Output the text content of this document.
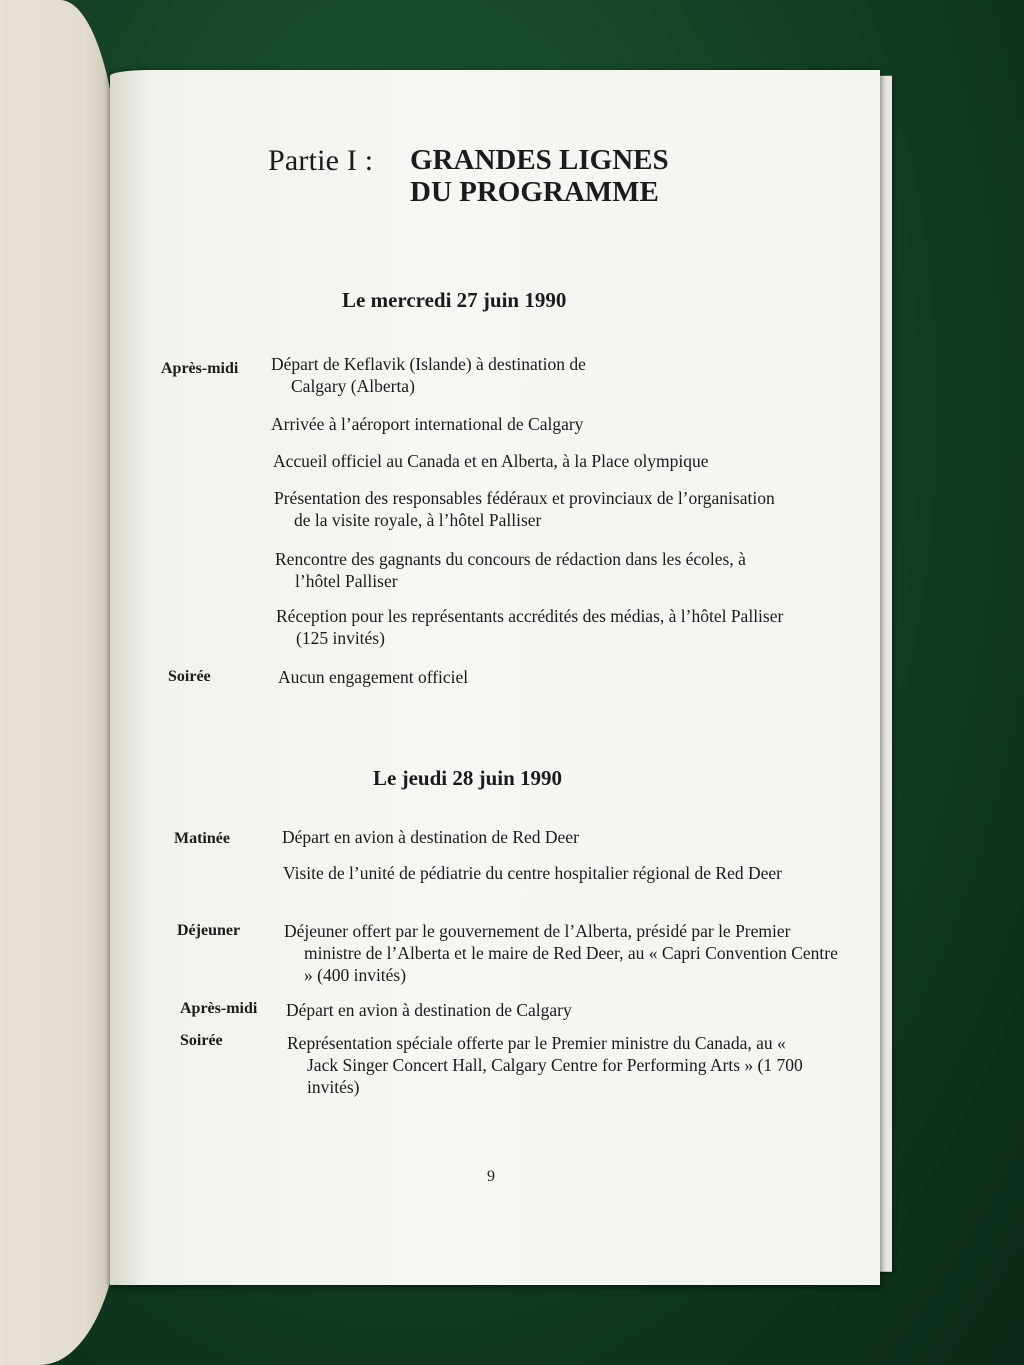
Partie I : GRANDES LIGNES
DU PROGRAMME
Le mercredi 27 juin 1990
Après-midi Départ de Keflavik (Islande) à destination de Calgary (Alberta)
Arrivée à l’aéroport international de Calgary
Accueil officiel au Canada et en Alberta, à la Place olympique
Présentation des responsables fédéraux et provinciaux de l’organisation de la visite royale, à l’hôtel Palliser
Rencontre des gagnants du concours de rédaction dans les écoles, à l’hôtel Palliser
Réception pour les représentants accrédités des médias, à l’hôtel Palliser (125 invités)
Soirée	Aucun engagement officiel
Le jeudi 28 juin 1990
Matinée	Départ en avion à destination de Red Deer
Visite de l’unité de pédiatrie du centre hospitalier régional de Red Deer
Déjeuner	Déjeuner offert par le gouvernement de l’Alberta, présidé par le Premier ministre de l’Alberta et le maire de Red Deer, au « Capri Convention Centre » (400 invités)
Après-midi Départ en avion à destination de Calgary
Soirée	Représentation spéciale offerte par le Premier ministre du Canada, au « Jack Singer Concert Hall, Calgary Centre for Performing Arts » (1 700 invités)
9
